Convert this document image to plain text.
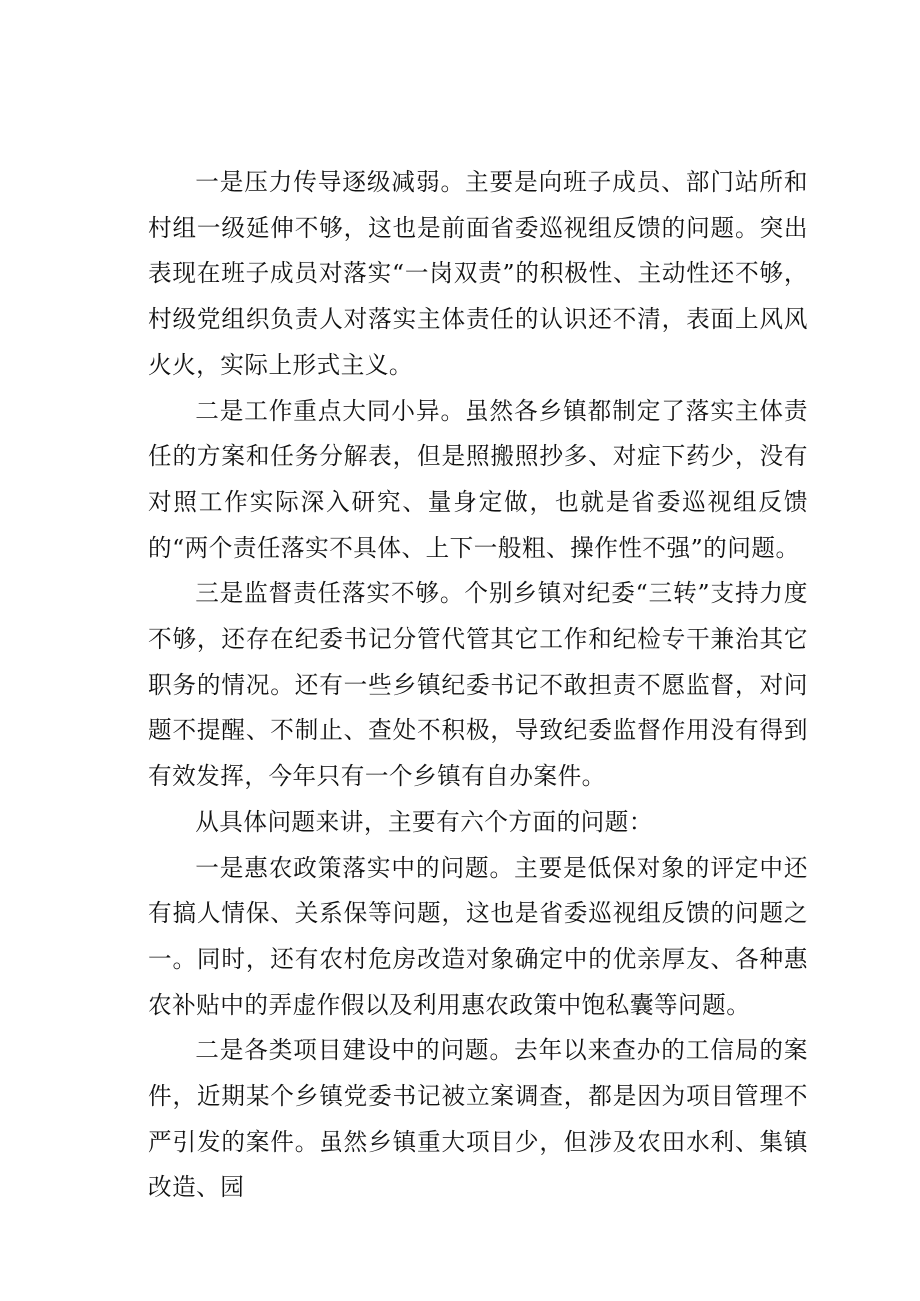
一是压力传导逐级减弱。主要是向班子成员、部门站所和村组一级延伸不够，这也是前面省委巡视组反馈的问题。突出表现在班子成员对落实“一岗双责”的积极性、主动性还不够，村级党组织负责人对落实主体责任的认识还不清，表面上风风火火，实际上形式主义。

二是工作重点大同小异。虽然各乡镇都制定了落实主体责任的方案和任务分解表，但是照搬照抄多、对症下药少，没有对照工作实际深入研究、量身定做，也就是省委巡视组反馈的“两个责任落实不具体、上下一般粗、操作性不强”的问题。

三是监督责任落实不够。个别乡镇对纪委“三转”支持力度不够，还存在纪委书记分管代管其它工作和纪检专干兼治其它职务的情况。还有一些乡镇纪委书记不敢担责不愿监督，对问题不提醒、不制止、查处不积极，导致纪委监督作用没有得到有效发挥，今年只有一个乡镇有自办案件。

从具体问题来讲，主要有六个方面的问题：

一是惠农政策落实中的问题。主要是低保对象的评定中还有搞人情保、关系保等问题，这也是省委巡视组反馈的问题之一。同时，还有农村危房改造对象确定中的优亲厚友、各种惠农补贴中的弄虚作假以及利用惠农政策中饱私囊等问题。

二是各类项目建设中的问题。去年以来查办的工信局的案件，近期某个乡镇党委书记被立案调查，都是因为项目管理不严引发的案件。虽然乡镇重大项目少，但涉及农田水利、集镇改造、园
